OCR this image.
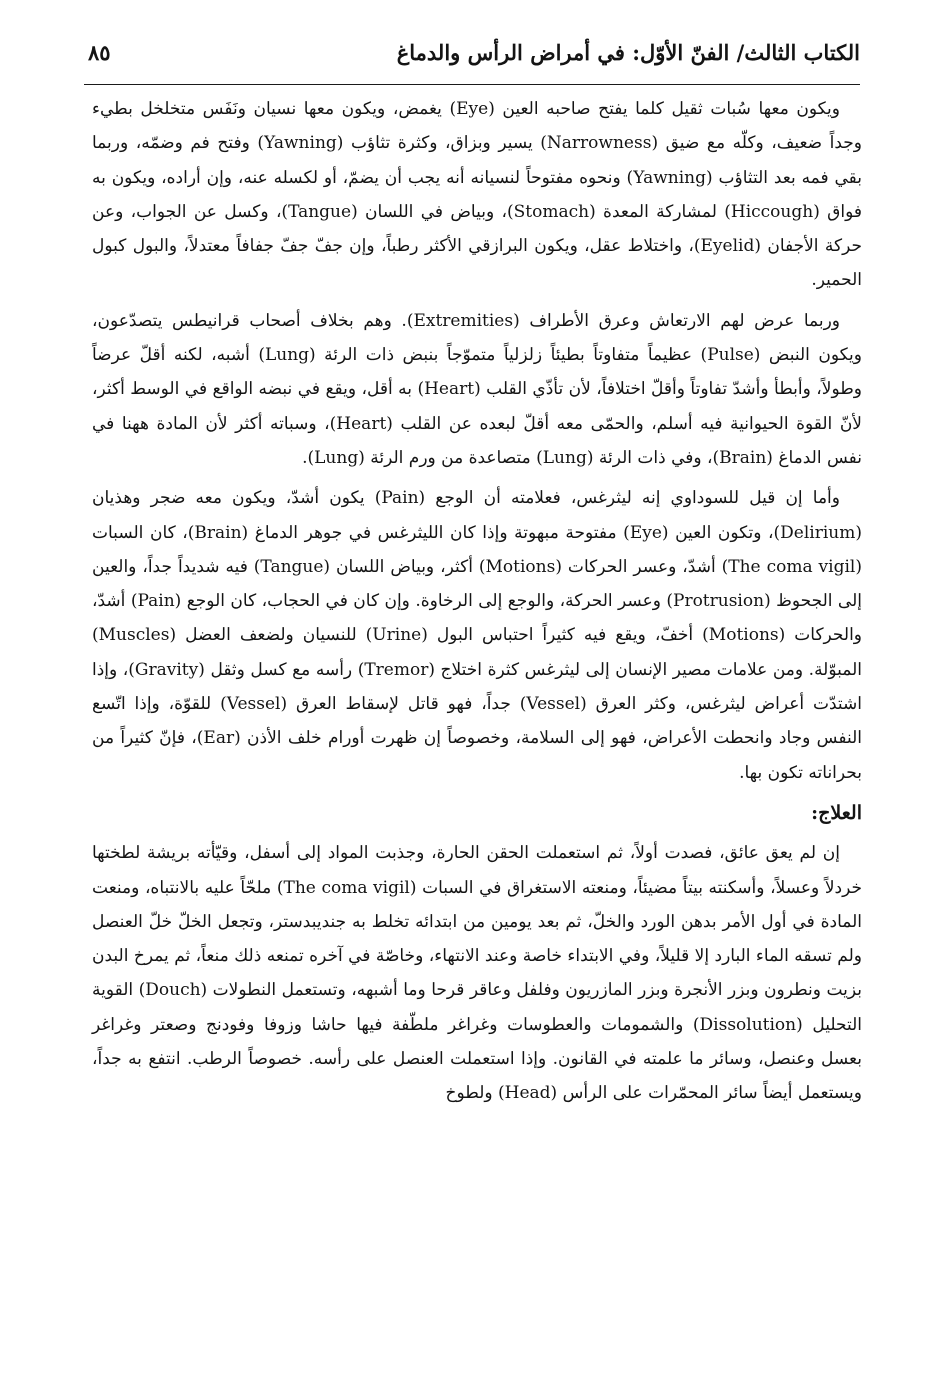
الكتاب الثالث/ الفنّ الأوّل: في أمراض الرأس والدماغ
٨٥

ويكون معها سُبات ثقيل كلما يفتح صاحبه العين (Eye) يغمض، ويكون معها نسيان ونَفَس متخلخل بطيء وجداً ضعيف، وكلّه مع ضيق (Narrowness) يسير وبزاق، وكثرة تثاؤب (Yawning) وفتح فم وضمّه، وربما بقي فمه بعد التثاؤب (Yawning) ونحوه مفتوحاً لنسيانه أنه يجب أن يضمّ، أو لكسله عنه، وإن أراده، ويكون به فواق (Hiccough) لمشاركة المعدة (Stomach)، وبياض في اللسان (Tangue)، وكسل عن الجواب، وعن حركة الأجفان (Eyelid)، واختلاط عقل، ويكون البرازقي الأكثر رطباً، وإن جفّ جفّ جفافاً معتدلاً، والبول كبول الحمير.

وربما عرض لهم الارتعاش وعرق الأطراف (Extremities). وهم بخلاف أصحاب قرانيطس يتصدّعون، ويكون النبض (Pulse) عظيماً متفاوتاً بطيئاً زلزلياً متموّجاً بنبض ذات الرئة (Lung) أشبه، لكنه أقلّ عرضاً وطولاً، وأبطأ وأشدّ تفاوتاً وأقلّ اختلافاً، لأن تأذّي القلب (Heart) به أقل، ويقع في نبضه الواقع في الوسط أكثر، لأنّ القوة الحيوانية فيه أسلم، والحمّى معه أقلّ لبعده عن القلب (Heart)، وسباته أكثر لأن المادة ههنا في نفس الدماغ (Brain)، وفي ذات الرئة (Lung) متصاعدة من ورم الرئة (Lung).

وأما إن قيل للسوداوي إنه ليثرغس، فعلامته أن الوجع (Pain) يكون أشدّ، ويكون معه ضجر وهذيان (Delirium)، وتكون العين (Eye) مفتوحة مبهوتة وإذا كان الليثرغس في جوهر الدماغ (Brain)، كان السبات (The coma vigil) أشدّ، وعسر الحركات (Motions) أكثر، وبياض اللسان (Tangue) فيه شديداً جداً، والعين إلى الجحوظ (Protrusion) وعسر الحركة، والوجع إلى الرخاوة. وإن كان في الحجاب، كان الوجع (Pain) أشدّ، والحركات (Motions) أخفّ، ويقع فيه كثيراً احتباس البول (Urine) للنسيان ولضعف العضل (Muscles) المبوّلة. ومن علامات مصير الإنسان إلى ليثرغس كثرة اختلاج (Tremor) رأسه مع كسل وثقل (Gravity)، وإذا اشتدّت أعراض ليثرغس، وكثر العرق (Vessel) جداً، فهو قاتل لإسقاط العرق (Vessel) للقوّة، وإذا اتّسع النفس وجاد وانحطت الأعراض، فهو إلى السلامة، وخصوصاً إن ظهرت أورام خلف الأذن (Ear)، فإنّ كثيراً من بحراناته تكون بها.

العلاج:

إن لم يعق عائق، فصدت أولاً، ثم استعملت الحقن الحارة، وجذبت المواد إلى أسفل، وقيّأته بريشة لطختها خردلاً وعسلاً، وأسكنته بيتاً مضيئاً، ومنعته الاستغراق في السبات (The coma vigil) ملحّاً عليه بالانتباه، ومنعت المادة في أول الأمر بدهن الورد والخلّ، ثم بعد يومين من ابتدائه تخلط به جنديبدستر، وتجعل الخلّ خلّ العنصل ولم تسقه الماء البارد إلا قليلاً، وفي الابتداء خاصة وعند الانتهاء، وخاصّة في آخره تمنعه ذلك منعاً، ثم يمرخ البدن بزيت ونطرون وبزر الأنجرة وبزر المازريون وفلفل وعاقر قرحا وما أشبهه، وتستعمل النطولات (Douch) القوية التحليل (Dissolution) والشمومات والعطوسات وغراغر ملطّفة فيها حاشا وزوفا وفودنج وصعتر وغراغر بعسل وعنصل، وسائر ما علمته في القانون. وإذا استعملت العنصل على رأسه. خصوصاً الرطب. انتفع به جداً، ويستعمل أيضاً سائر المحمّرات على الرأس (Head) ولطوخ
